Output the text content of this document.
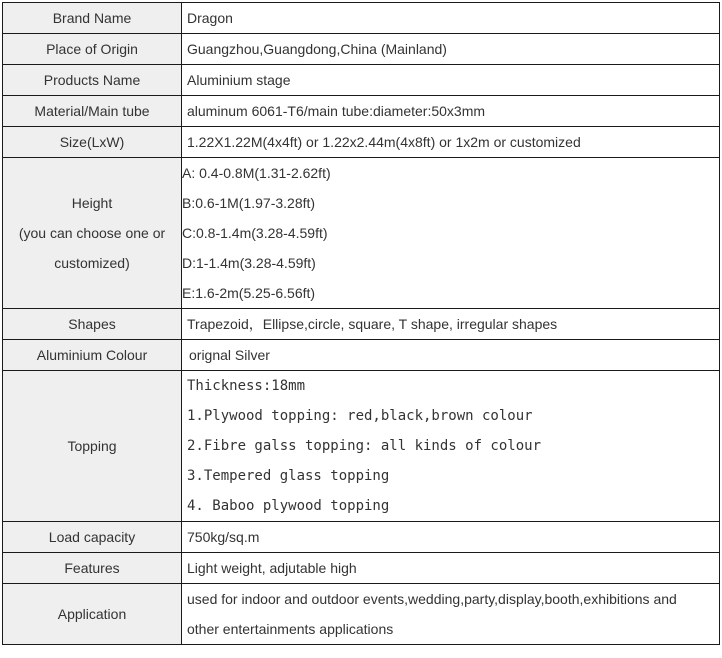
Brand Name	Dragon

Place of Origin	Guangzhou,Guangdong,China (Mainland)

Products Name	Aluminium stage

Material/Main tube	aluminum 6061-T6/main tube:diameter:50x3mm

Size(LxW)	1.22X1.22M(4x4ft) or 1.22x2.44m(4x8ft) or 1x2m or customized

Height
(you can choose one or
customized)	A: 0.4-0.8M(1.31-2.62ft)
B:0.6-1M(1.97-3.28ft)
C:0.8-1.4m(3.28-4.59ft)
D:1-1.4m(3.28-4.59ft)
E:1.6-2m(5.25-6.56ft)

Shapes	Trapezoid，Ellipse,circle, square, T shape, irregular shapes

Aluminium Colour	orignal Silver

Topping	Thickness:18mm
1.Plywood topping: red,black,brown colour
2.Fibre galss topping: all kinds of colour
3.Tempered glass topping
4. Baboo plywood topping

Load capacity	750kg/sq.m

Features	Light weight, adjutable high

Application	used for indoor and outdoor events,wedding,party,display,booth,exhibitions and
other entertainments applications
